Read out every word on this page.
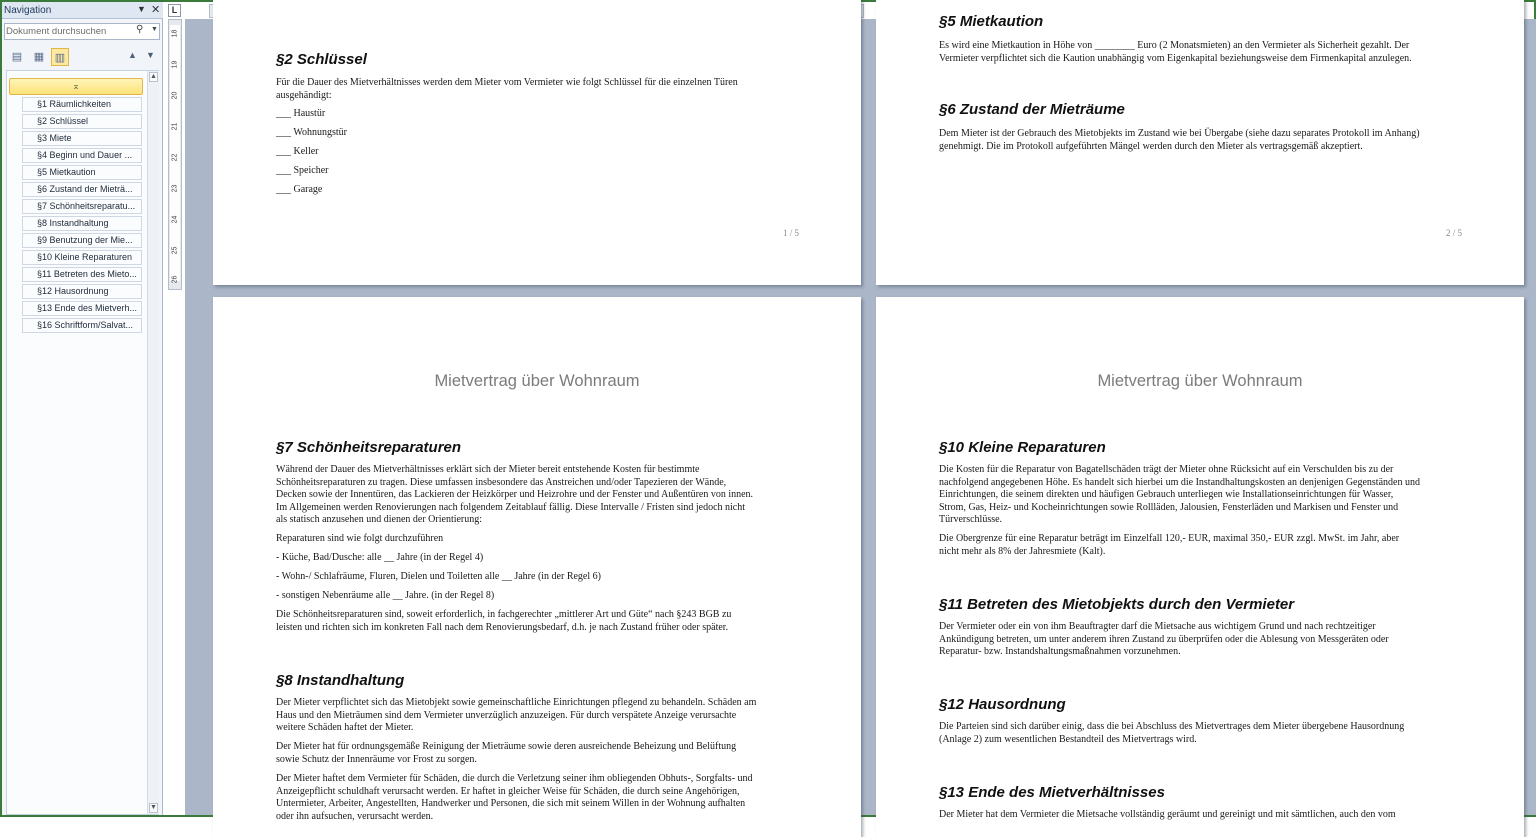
Navigation	▼ ✕
Dokument durchsuchen
⚲ ▼
▤	▦ ▥	▲ ▼
⌅
§1 Räumlichkeiten
§2 Schlüssel
§3 Miete
§4 Beginn und Dauer ...
§5 Mietkaution
§6 Zustand der Mieträ...
§7 Schönheitsreparatu...
§8 Instandhaltung
§9 Benutzung der Mie...
§10 Kleine Reparaturen
§11 Betreten des Mieto...
§12 Hausordnung
§13 Ende des Mietverh...
§16 Schriftform/Salvat...
▲
▼
L
18
19
20
21
22
23
24
25
26
§2 Schlüssel
Für die Dauer des Mietverhältnisses werden dem Mieter vom Vermieter wie folgt Schlüssel für die einzelnen Türen
ausgehändigt:
___ Haustür
___ Wohnungstür
___ Keller
___ Speicher
___ Garage
1 / 5
§5 Mietkaution
Es wird eine Mietkaution in Höhe von ________ Euro (2 Monatsmieten) an den Vermieter als Sicherheit gezahlt. Der
Vermieter verpflichtet sich die Kaution unabhängig vom Eigenkapital beziehungsweise dem Firmenkapital anzulegen.
§6 Zustand der Mieträume
Dem Mieter ist der Gebrauch des Mietobjekts im Zustand wie bei Übergabe (siehe dazu separates Protokoll im Anhang)
genehmigt. Die im Protokoll aufgeführten Mängel werden durch den Mieter als vertragsgemäß akzeptiert.
2 / 5
Mietvertrag über Wohnraum
§7 Schönheitsreparaturen
Während der Dauer des Mietverhältnisses erklärt sich der Mieter bereit entstehende Kosten für bestimmte
Schönheitsreparaturen zu tragen. Diese umfassen insbesondere das Anstreichen und/oder Tapezieren der Wände,
Decken sowie der Innentüren, das Lackieren der Heizkörper und Heizrohre und der Fenster und Außentüren von innen.
Im Allgemeinen werden Renovierungen nach folgendem Zeitablauf fällig. Diese Intervalle / Fristen sind jedoch nicht
als statisch anzusehen und dienen der Orientierung:
Reparaturen sind wie folgt durchzuführen
- Küche, Bad/Dusche: alle __ Jahre (in der Regel 4)
- Wohn-/ Schlafräume, Fluren, Dielen und Toiletten alle __ Jahre (in der Regel 6)
- sonstigen Nebenräume alle __ Jahre. (in der Regel 8)
Die Schönheitsreparaturen sind, soweit erforderlich, in fachgerechter „mittlerer Art und Güte“ nach §243 BGB zu
leisten und richten sich im konkreten Fall nach dem Renovierungsbedarf, d.h. je nach Zustand früher oder später.
§8 Instandhaltung
Der Mieter verpflichtet sich das Mietobjekt sowie gemeinschaftliche Einrichtungen pflegend zu behandeln. Schäden am
Haus und den Mieträumen sind dem Vermieter unverzüglich anzuzeigen. Für durch verspätete Anzeige verursachte
weitere Schäden haftet der Mieter.
Der Mieter hat für ordnungsgemäße Reinigung der Mieträume sowie deren ausreichende Beheizung und Belüftung
sowie Schutz der Innenräume vor Frost zu sorgen.
Der Mieter haftet dem Vermieter für Schäden, die durch die Verletzung seiner ihm obliegenden Obhuts-, Sorgfalts- und
Anzeigepflicht schuldhaft verursacht werden. Er haftet in gleicher Weise für Schäden, die durch seine Angehörigen,
Untermieter, Arbeiter, Angestellten, Handwerker und Personen, die sich mit seinem Willen in der Wohnung aufhalten
oder ihn aufsuchen, verursacht werden.
Mietvertrag über Wohnraum
§10 Kleine Reparaturen
Die Kosten für die Reparatur von Bagatellschäden trägt der Mieter ohne Rücksicht auf ein Verschulden bis zu der
nachfolgend angegebenen Höhe. Es handelt sich hierbei um die Instandhaltungskosten an denjenigen Gegenständen und
Einrichtungen, die seinem direkten und häufigen Gebrauch unterliegen wie Installationseinrichtungen für Wasser,
Strom, Gas, Heiz- und Kocheinrichtungen sowie Rollläden, Jalousien, Fensterläden und Markisen und Fenster und
Türverschlüsse.
Die Obergrenze für eine Reparatur beträgt im Einzelfall 120,- EUR, maximal 350,- EUR zzgl. MwSt. im Jahr, aber
nicht mehr als 8% der Jahresmiete (Kalt).
§11 Betreten des Mietobjekts durch den Vermieter
Der Vermieter oder ein von ihm Beauftragter darf die Mietsache aus wichtigem Grund und nach rechtzeitiger
Ankündigung betreten, um unter anderem ihren Zustand zu überprüfen oder die Ablesung von Messgeräten oder
Reparatur- bzw. Instandshaltungsmaßnahmen vorzunehmen.
§12 Hausordnung
Die Parteien sind sich darüber einig, dass die bei Abschluss des Mietvertrages dem Mieter übergebene Hausordnung
(Anlage 2) zum wesentlichen Bestandteil des Mietvertrags wird.
§13 Ende des Mietverhältnisses
Der Mieter hat dem Vermieter die Mietsache vollständig geräumt und gereinigt und mit sämtlichen, auch den vom
